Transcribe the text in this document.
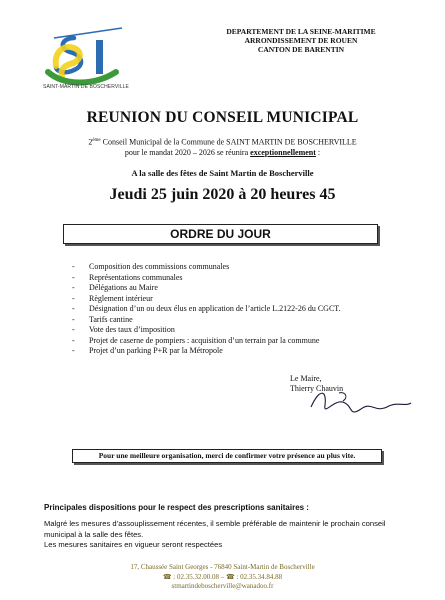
SAINT-MARTIN DE BOSCHERVILLE
DEPARTEMENT DE LA SEINE-MARITIME
ARRONDISSEMENT DE ROUEN
CANTON DE BARENTIN
REUNION DU CONSEIL MUNICIPAL
2ème Conseil Municipal de la Commune de SAINT MARTIN DE BOSCHERVILLE
pour le mandat 2020 – 2026 se réunira exceptionnellement :
A la salle des fêtes de Saint Martin de Boscherville
Jeudi 25 juin 2020 à 20 heures 45
ORDRE DU JOUR
- Composition des commissions communales
- Représentations communales
- Délégations au Maire
- Règlement intérieur
- Désignation d’un ou deux élus en application de l’article L.2122-26 du CGCT.
- Tarifs cantine
- Vote des taux d’imposition
- Projet de caserne de pompiers : acquisition d’un terrain par la commune
- Projet d’un parking P+R par la Métropole
Le Maire,
Thierry Chauvin
Pour une meilleure organisation, merci de confirmer votre présence au plus vite.
Principales dispositions pour le respect des prescriptions sanitaires :
Malgré les mesures d’assouplissement récentes, il semble préférable de maintenir le prochain conseil municipal à la salle des fêtes.
Les mesures sanitaires en vigueur seront respectées
17, Chaussée Saint Georges - 76840 Saint-Martin de Boscherville
☎ : 02.35.32.00.08 – ☎ : 02.35.34.84.88
stmartindeboscherville@wanadoo.fr
